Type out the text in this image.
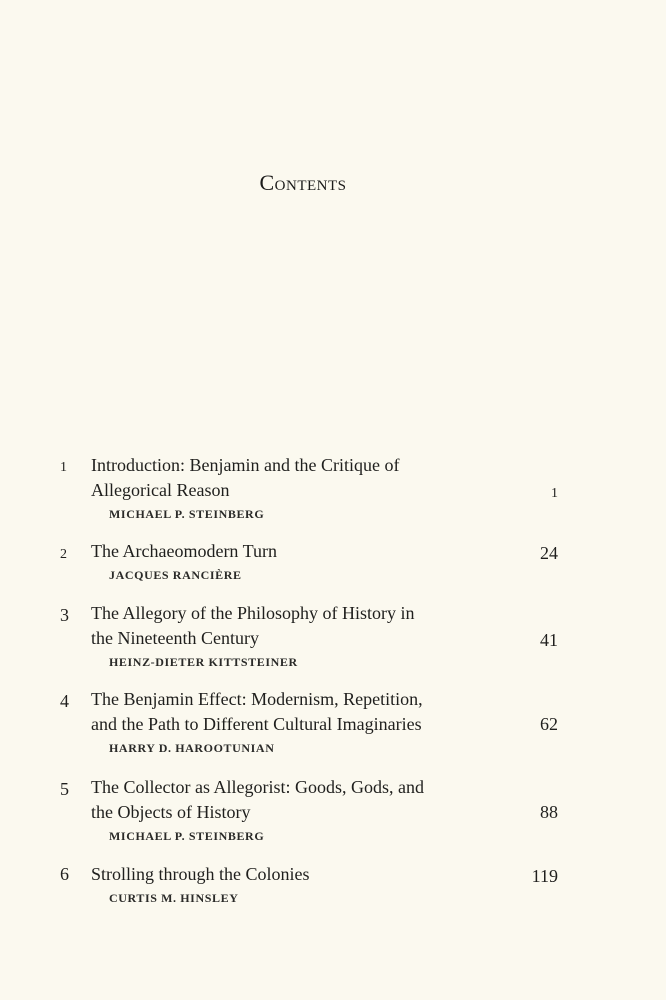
Contents
1 Introduction: Benjamin and the Critique of
Allegorical Reason
MICHAEL P. STEINBERG
1
2 The Archaeomodern Turn
JACQUES RANCIÈRE
24
3 The Allegory of the Philosophy of History in
the Nineteenth Century
HEINZ-DIETER KITTSTEINER
41
4 The Benjamin Effect: Modernism, Repetition,
and the Path to Different Cultural Imaginaries
HARRY D. HAROOTUNIAN
62
5 The Collector as Allegorist: Goods, Gods, and
the Objects of History
MICHAEL P. STEINBERG
88
6 Strolling through the Colonies
CURTIS M. HINSLEY
119
